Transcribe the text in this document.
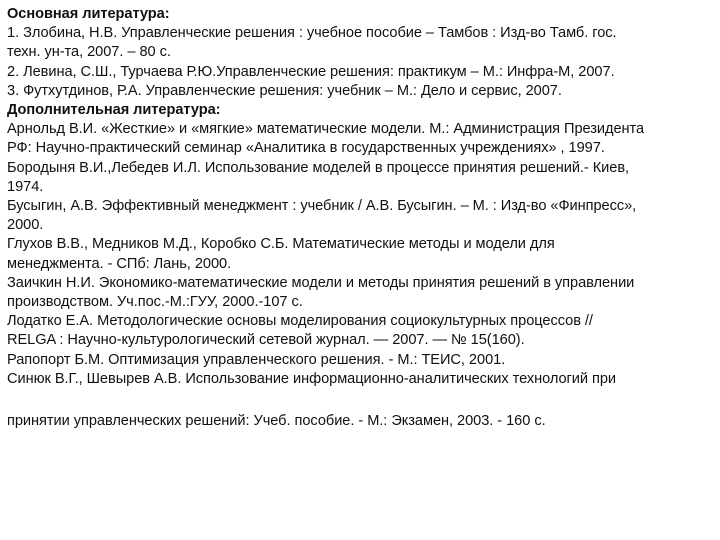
Основная литература:
1. Злобина, Н.В. Управленческие решения : учебное пособие – Тамбов : Изд-во Тамб. гос.
техн. ун-та, 2007. – 80 с.
2. Левина, С.Ш., Турчаева Р.Ю.Управленческие решения: практикум – М.: Инфра-М, 2007.
3. Футхутдинов, Р.А. Управленческие решения: учебник – М.: Дело и сервис, 2007.
Дополнительная литература:
Арнольд В.И. «Жесткие» и «мягкие» математические модели. М.: Администрация Президента
РФ: Научно-практический семинар «Аналитика в государственных учреждениях» , 1997.
Бородыня В.И.,Лебедев И.Л. Использование моделей в процессе принятия решений.- Киев,
1974.
Бусыгин, А.В. Эффективный менеджмент : учебник / А.В. Бусыгин. – М. : Изд-во «Финпресс»,
2000.
Глухов В.В., Медников М.Д., Коробко С.Б. Математические методы и модели для
менеджмента. - СПб: Лань, 2000.
Заичкин Н.И. Экономико-математические модели и методы принятия решений в управлении
производством. Уч.пос.-М.:ГУУ, 2000.-107 с.
Лодатко Е.А. Методологические основы моделирования социокультурных процессов //
RELGA : Научно-культурологический сетевой журнал. — 2007. — № 15(160).
Рапопорт Б.М. Оптимизация управленческого решения. - М.: ТЕИС, 2001.
Синюк В.Г., Шевырев А.В. Использование информационно-аналитических технологий при
принятии управленческих решений: Учеб. пособие. - М.: Экзамен, 2003. - 160 с.
